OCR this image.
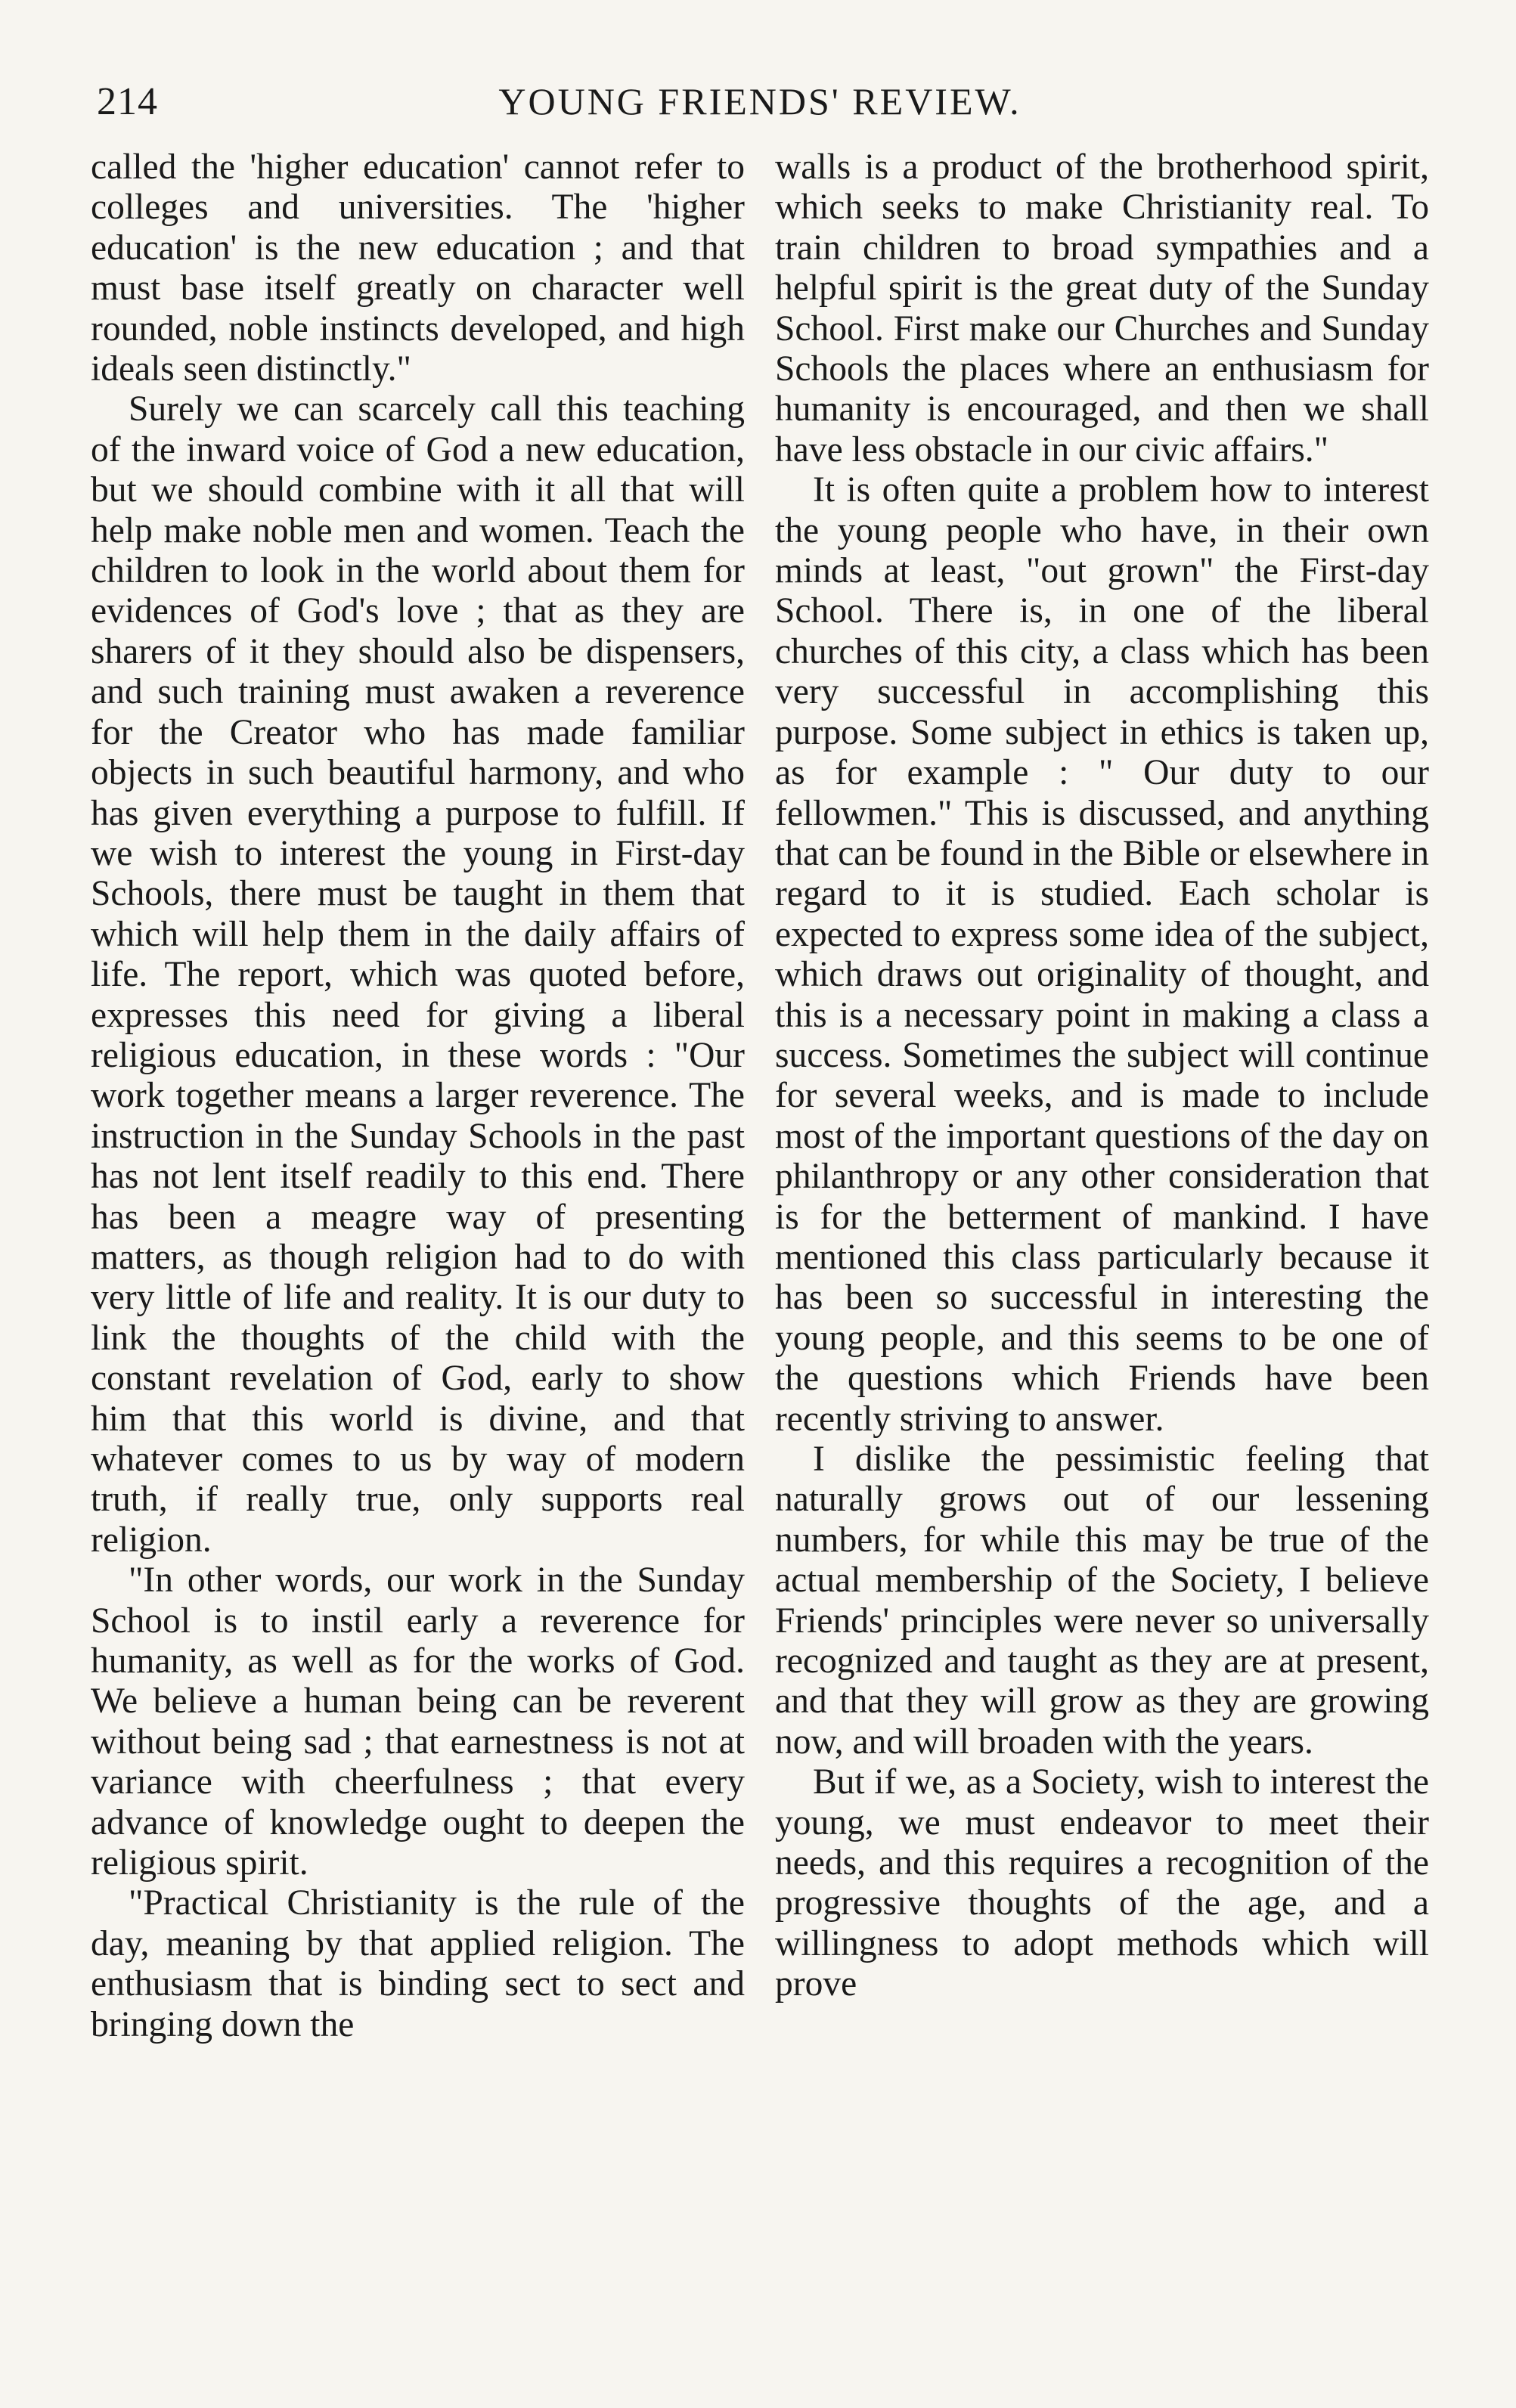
214	YOUNG FRIENDS' REVIEW.

called the 'higher education' cannot refer to colleges and universities. The 'higher education' is the new education ; and that must base itself greatly on character well rounded, noble instincts developed, and high ideals seen distinctly."

Surely we can scarcely call this teaching of the inward voice of God a new education, but we should combine with it all that will help make noble men and women. Teach the children to look in the world about them for evidences of God's love ; that as they are sharers of it they should also be dispensers, and such training must awaken a reverence for the Creator who has made familiar objects in such beautiful harmony, and who has given everything a purpose to fulfill. If we wish to interest the young in First-day Schools, there must be taught in them that which will help them in the daily affairs of life. The report, which was quoted before, expresses this need for giving a liberal religious education, in these words : "Our work together means a larger reverence. The instruction in the Sunday Schools in the past has not lent itself readily to this end. There has been a meagre way of presenting matters, as though religion had to do with very little of life and reality. It is our duty to link the thoughts of the child with the constant revelation of God, early to show him that this world is divine, and that whatever comes to us by way of modern truth, if really true, only supports real religion.

"In other words, our work in the Sunday School is to instil early a reverence for humanity, as well as for the works of God. We believe a human being can be reverent without being sad ; that earnestness is not at variance with cheerfulness ; that every advance of knowledge ought to deepen the religious spirit.

"Practical Christianity is the rule of the day, meaning by that applied religion. The enthusiasm that is binding sect to sect and bringing down the

walls is a product of the brotherhood spirit, which seeks to make Christianity real. To train children to broad sympathies and a helpful spirit is the great duty of the Sunday School. First make our Churches and Sunday Schools the places where an enthusiasm for humanity is encouraged, and then we shall have less obstacle in our civic affairs."

It is often quite a problem how to interest the young people who have, in their own minds at least, "out grown" the First-day School. There is, in one of the liberal churches of this city, a class which has been very successful in accomplishing this purpose. Some subject in ethics is taken up, as for example : " Our duty to our fellowmen." This is discussed, and anything that can be found in the Bible or elsewhere in regard to it is studied. Each scholar is expected to express some idea of the subject, which draws out originality of thought, and this is a necessary point in making a class a success. Sometimes the subject will continue for several weeks, and is made to include most of the important questions of the day on philanthropy or any other consideration that is for the betterment of mankind. I have mentioned this class particularly because it has been so successful in interesting the young people, and this seems to be one of the questions which Friends have been recently striving to answer.

I dislike the pessimistic feeling that naturally grows out of our lessening numbers, for while this may be true of the actual membership of the Society, I believe Friends' principles were never so universally recognized and taught as they are at present, and that they will grow as they are growing now, and will broaden with the years.

But if we, as a Society, wish to interest the young, we must endeavor to meet their needs, and this requires a recognition of the progressive thoughts of the age, and a willingness to adopt methods which will prove
